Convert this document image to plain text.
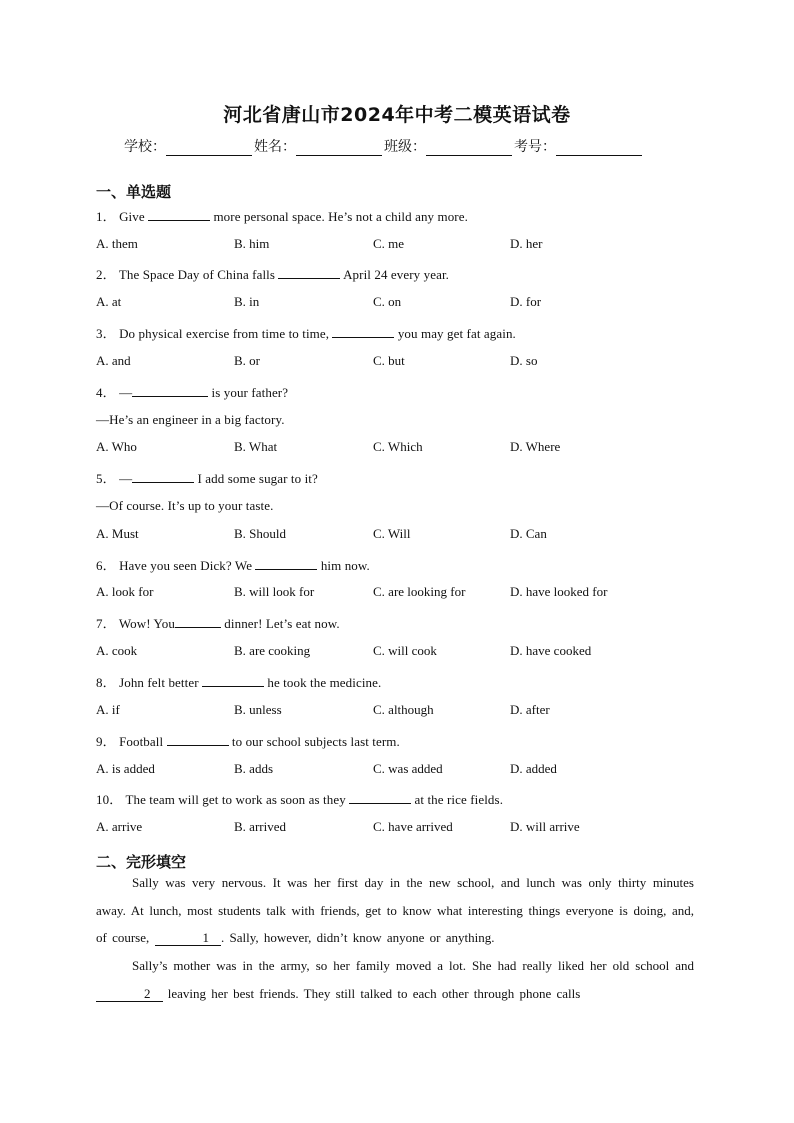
河北省唐山市2024年中考二模英语试卷
学校：	姓名：	班级：	考号：
一、单选题
1． Give	more personal space. He’s not a child any more.
A. them	B. him	C. me	D. her
2． The Space Day of China falls	April 24 every year.
A. at	B. in	C. on	D. for
3． Do physical exercise from time to time,	you may get fat again.
A. and	B. or	C. but	D. so
4． —	is your father?
—He’s an engineer in a big factory.
A. Who	B. What	C. Which	D. Where
5． —	I add some sugar to it?
—Of course. It’s up to your taste.
A. Must	B. Should	C. Will	D. Can
6． Have you seen Dick? We	him now.
A. look for	B. will look for	C. are looking for	D. have looked for
7． Wow! You	dinner! Let’s eat now.
A. cook	B. are cooking	C. will cook	D. have cooked
8． John felt better	he took the medicine.
A. if	B. unless	C. although	D. after
9． Football	to our school subjects last term.
A. is added	B. adds	C. was added	D. added
10． The team will get to work as soon as they	at the rice fields.
A. arrive	B. arrived	C. have arrived	D. will arrive
二、完形填空
Sally was very nervous. It was her first day in the new school, and lunch was only thirty minutes away. At lunch, most students talk with friends, get to know what interesting things everyone is doing, and, of course,	1 . Sally, however, didn’t know anyone or anything.
Sally’s mother was in the army, so her family moved a lot. She had really liked her old school and 2 leaving her best friends. They still talked to each other through phone calls
